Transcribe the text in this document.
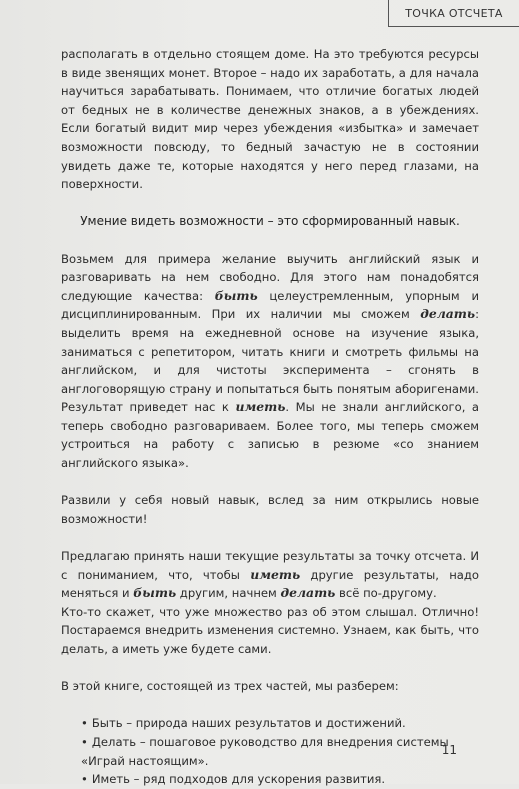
ТОЧКА ОТСЧЕТА

располагать в отдельно стоящем доме. На это требуются ресурсы в виде звенящих монет. Второе – надо их заработать, а для начала научиться зарабатывать. Понимаем, что отличие богатых людей от бедных не в количестве денежных знаков, а в убеждениях. Если богатый видит мир через убеждения «избытка» и замечает возможности повсюду, то бедный зачастую не в состоянии увидеть даже те, которые находятся у него перед глазами, на поверхности.

Умение видеть возможности – это сформированный навык.

Возьмем для примера желание выучить английский язык и разговаривать на нем свободно. Для этого нам понадобятся следующие качества: быть целеустремленным, упорным и дисциплинированным. При их наличии мы сможем делать: выделить время на ежедневной основе на изучение языка, заниматься с репетитором, читать книги и смотреть фильмы на английском, и для чистоты эксперимента – сгонять в англоговорящую страну и попытаться быть понятым аборигенами. Результат приведет нас к иметь. Мы не знали английского, а теперь свободно разговариваем. Более того, мы теперь сможем устроиться на работу с записью в резюме «со знанием английского языка».

Развили у себя новый навык, вслед за ним открылись новые возможности!

Предлагаю принять наши текущие результаты за точку отсчета. И с пониманием, что, чтобы иметь другие результаты, надо меняться и быть другим, начнем делать всё по-другому.

Кто-то скажет, что уже множество раз об этом слышал. Отлично! Постараемся внедрить изменения системно. Узнаем, как быть, что делать, а иметь уже будете сами.

В этой книге, состоящей из трех частей, мы разберем:

• Быть – природа наших результатов и достижений.
• Делать – пошаговое руководство для внедрения системы «Играй настоящим».
• Иметь – ряд подходов для ускорения развития.
11
